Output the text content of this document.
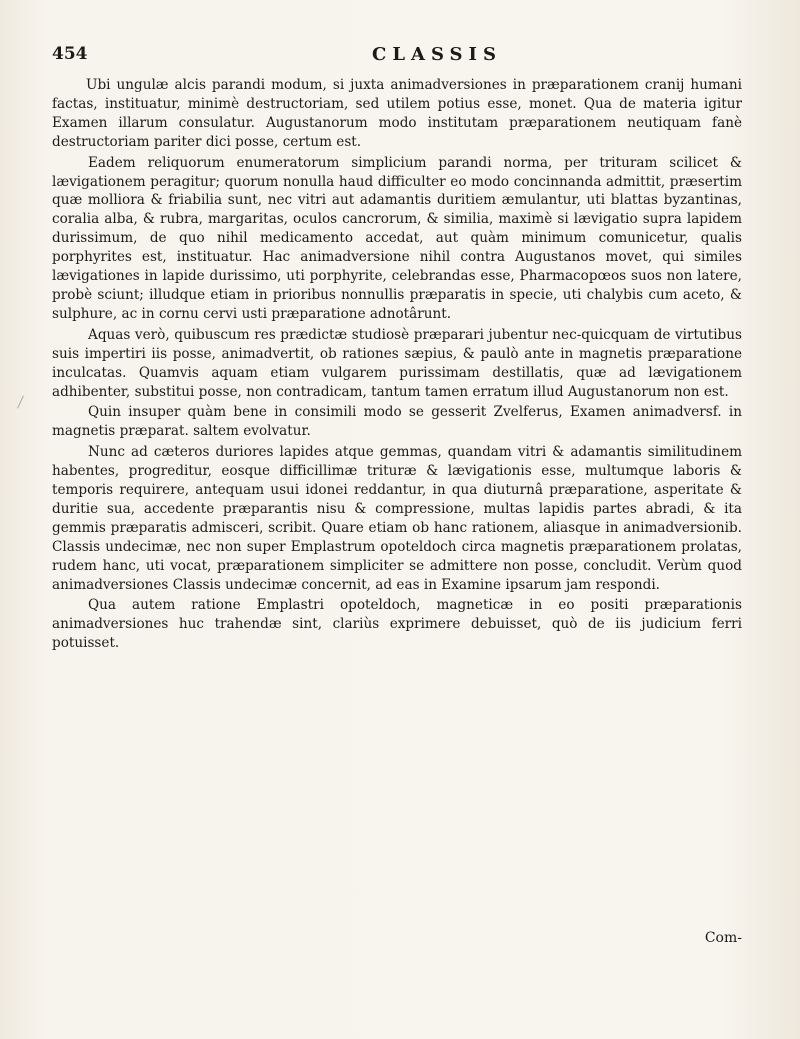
454	CLASSIS

Ubi ungulæ alcis parandi modum, si juxta animadversiones in præparationem cranij humani factas, instituatur, minimè destructoriam, sed utilem potius esse, monet. Qua de materia igitur Examen illarum consulatur. Augustanorum modo institutam præparationem neutiquam fanè destructoriam pariter dici posse, certum est.

Eadem reliquorum enumeratorum simplicium parandi norma, per trituram scilicet & lævigationem peragitur; quorum nonulla haud difficulter eo modo concinnanda admittit, præsertim quæ molliora & friabilia sunt, nec vitri aut adamantis duritiem æmulantur, uti blattas byzantinas, coralia alba, & rubra, margaritas, oculos cancrorum, & similia, maximè si lævigatio supra lapidem durissimum, de quo nihil medicamento accedat, aut quàm minimum comunicetur, qualis porphyrites est, instituatur. Hac animadversione nihil contra Augustanos movet, qui similes lævigationes in lapide durissimo, uti porphyrite, celebrandas esse, Pharmacopœos suos non latere, probè sciunt; illudque etiam in prioribus nonnullis præparatis in specie, uti chalybis cum aceto, & sulphure, ac in cornu cervi usti præparatione adnotârunt.

Aquas verò, quibuscum res prædictæ studiosè præparari jubentur nec-quicquam de virtutibus suis impertiri iis posse, animadvertit, ob rationes sæpius, & paulò ante in magnetis præparatione inculcatas. Quamvis aquam etiam vulgarem purissimam destillatis, quæ ad lævigationem adhibenter, substitui posse, non contradicam, tantum tamen erratum illud Augustanorum non est.

Quin insuper quàm bene in consimili modo se gesserit Zvelferus, Examen animadversf. in magnetis præparat. saltem evolvatur.

Nunc ad cæteros duriores lapides atque gemmas, quandam vitri & adamantis similitudinem habentes, progreditur, eosque difficillimæ trituræ & lævigationis esse, multumque laboris & temporis requirere, antequam usui idonei reddantur, in qua diuturnâ præparatione, asperitate & duritie sua, accedente præparantis nisu & compressione, multas lapidis partes abradi, & ita gemmis præparatis admisceri, scribit. Quare etiam ob hanc rationem, aliasque in animadversionib. Classis undecimæ, nec non super Emplastrum opoteldoch circa magnetis præparationem prolatas, rudem hanc, uti vocat, præparationem simpliciter se admittere non posse, concludit. Verùm quod animadversiones Classis undecimæ concernit, ad eas in Examine ipsarum jam respondi.

Qua autem ratione Emplastri opoteldoch, magneticæ in eo positi præparationis animadversiones huc trahendæ sint, clariùs exprimere debuisset, quò de iis judicium ferri potuisset.

Com-
